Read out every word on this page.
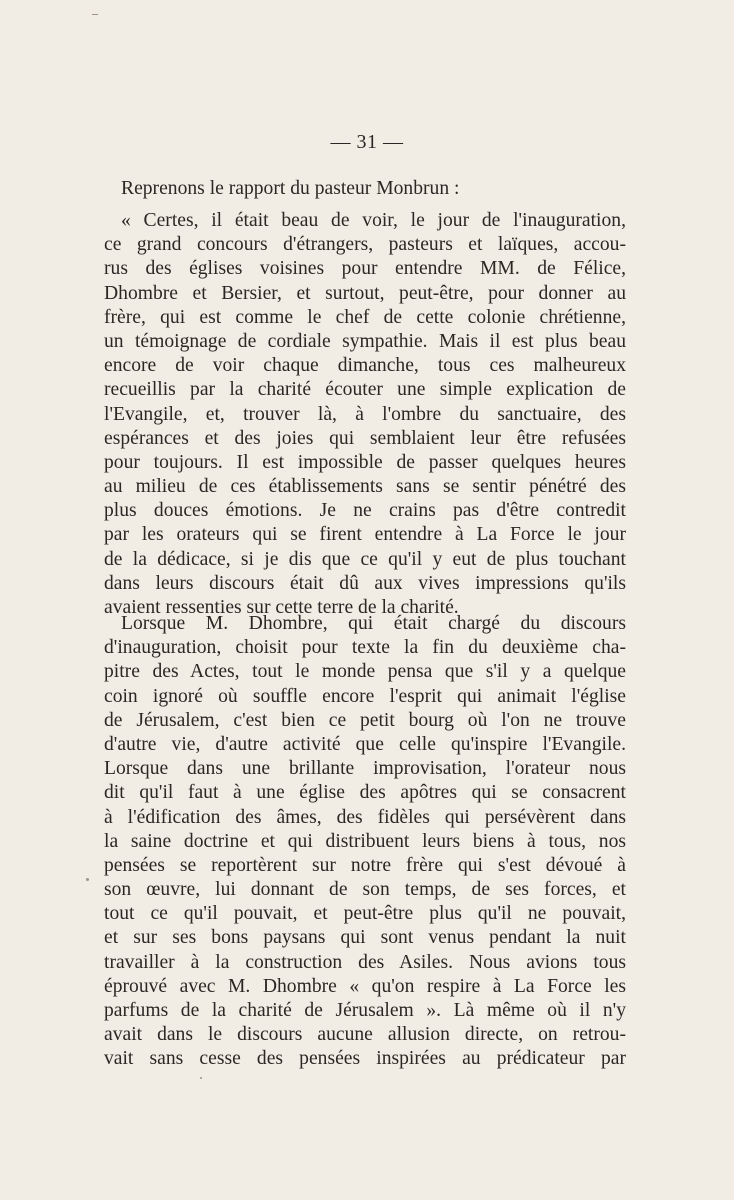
— 31 —
Reprenons le rapport du pasteur Monbrun :
« Certes, il était beau de voir, le jour de l'inauguration,
ce grand concours d'étrangers, pasteurs et laïques, accou-
rus des églises voisines pour entendre MM. de Félice,
Dhombre et Bersier, et surtout, peut-être, pour donner au
frère, qui est comme le chef de cette colonie chrétienne,
un témoignage de cordiale sympathie. Mais il est plus beau
encore de voir chaque dimanche, tous ces malheureux
recueillis par la charité écouter une simple explication de
l'Evangile, et, trouver là, à l'ombre du sanctuaire, des
espérances et des joies qui semblaient leur être refusées
pour toujours. Il est impossible de passer quelques heures
au milieu de ces établissements sans se sentir pénétré des
plus douces émotions. Je ne crains pas d'être contredit
par les orateurs qui se firent entendre à La Force le jour
de la dédicace, si je dis que ce qu'il y eut de plus touchant
dans leurs discours était dû aux vives impressions qu'ils
avaient ressenties sur cette terre de la charité.
Lorsque M. Dhombre, qui était chargé du discours
d'inauguration, choisit pour texte la fin du deuxième cha-
pitre des Actes, tout le monde pensa que s'il y a quelque
coin ignoré où souffle encore l'esprit qui animait l'église
de Jérusalem, c'est bien ce petit bourg où l'on ne trouve
d'autre vie, d'autre activité que celle qu'inspire l'Evangile.
Lorsque dans une brillante improvisation, l'orateur nous
dit qu'il faut à une église des apôtres qui se consacrent
à l'édification des âmes, des fidèles qui persévèrent dans
la saine doctrine et qui distribuent leurs biens à tous, nos
pensées se reportèrent sur notre frère qui s'est dévoué à
son œuvre, lui donnant de son temps, de ses forces, et
tout ce qu'il pouvait, et peut-être plus qu'il ne pouvait,
et sur ses bons paysans qui sont venus pendant la nuit
travailler à la construction des Asiles. Nous avions tous
éprouvé avec M. Dhombre « qu'on respire à La Force les
parfums de la charité de Jérusalem ». Là même où il n'y
avait dans le discours aucune allusion directe, on retrou-
vait sans cesse des pensées inspirées au prédicateur par
